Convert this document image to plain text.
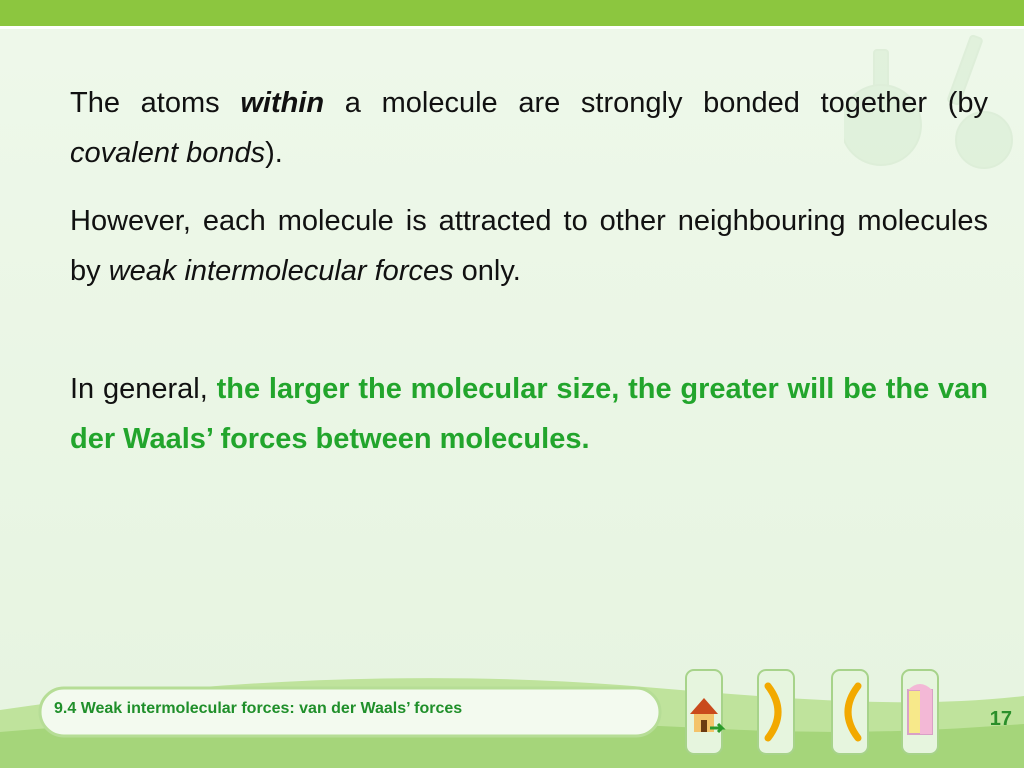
The atoms within a molecule are strongly bonded together (by covalent bonds).

However, each molecule is attracted to other neighbouring molecules by weak intermolecular forces only.

In general, the larger the molecular size, the greater will be the van der Waals’ forces between molecules.

9.4 Weak intermolecular forces: van der Waals’ forces	17
